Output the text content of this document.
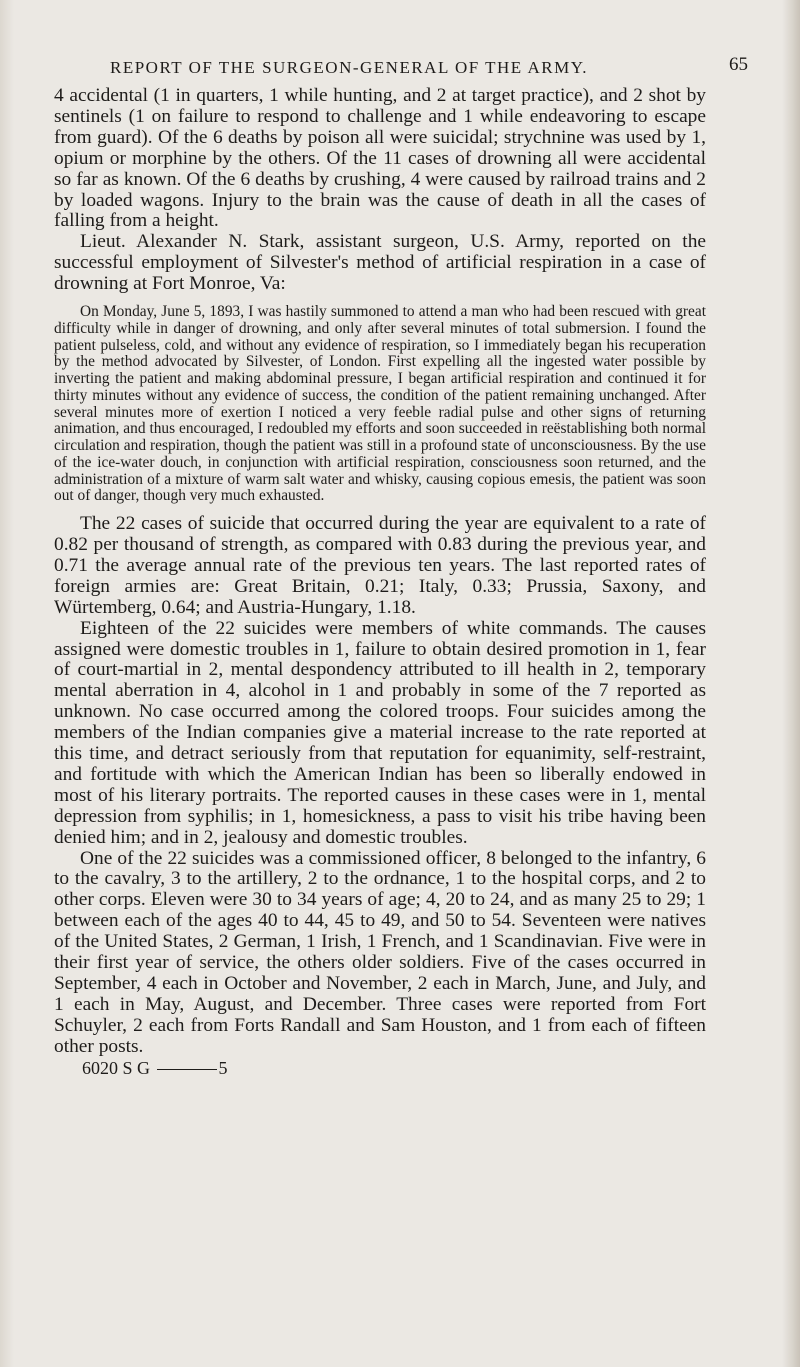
REPORT OF THE SURGEON-GENERAL OF THE ARMY.	65

4 accidental (1 in quarters, 1 while hunting, and 2 at target practice), and 2 shot by sentinels (1 on failure to respond to challenge and 1 while endeavoring to escape from guard). Of the 6 deaths by poison all were suicidal; strychnine was used by 1, opium or morphine by the others. Of the 11 cases of drowning all were accidental so far as known. Of the 6 deaths by crushing, 4 were caused by railroad trains and 2 by loaded wagons. Injury to the brain was the cause of death in all the cases of falling from a height.

Lieut. Alexander N. Stark, assistant surgeon, U.S. Army, reported on the successful employment of Silvester's method of artificial respiration in a case of drowning at Fort Monroe, Va:

On Monday, June 5, 1893, I was hastily summoned to attend a man who had been rescued with great difficulty while in danger of drowning, and only after several minutes of total submersion. I found the patient pulseless, cold, and without any evidence of respiration, so I immediately began his recuperation by the method advocated by Silvester, of London. First expelling all the ingested water possible by inverting the patient and making abdominal pressure, I began artificial respiration and continued it for thirty minutes without any evidence of success, the condition of the patient remaining unchanged. After several minutes more of exertion I noticed a very feeble radial pulse and other signs of returning animation, and thus encouraged, I redoubled my efforts and soon succeeded in reëstablishing both normal circulation and respiration, though the patient was still in a profound state of unconsciousness. By the use of the ice-water douch, in conjunction with artificial respiration, consciousness soon returned, and the administration of a mixture of warm salt water and whisky, causing copious emesis, the patient was soon out of danger, though very much exhausted.

The 22 cases of suicide that occurred during the year are equivalent to a rate of 0.82 per thousand of strength, as compared with 0.83 during the previous year, and 0.71 the average annual rate of the previous ten years. The last reported rates of foreign armies are: Great Britain, 0.21; Italy, 0.33; Prussia, Saxony, and Würtemberg, 0.64; and Austria-Hungary, 1.18.

Eighteen of the 22 suicides were members of white commands. The causes assigned were domestic troubles in 1, failure to obtain desired promotion in 1, fear of court-martial in 2, mental despondency attributed to ill health in 2, temporary mental aberration in 4, alcohol in 1 and probably in some of the 7 reported as unknown. No case occurred among the colored troops. Four suicides among the members of the Indian companies give a material increase to the rate reported at this time, and detract seriously from that reputation for equanimity, self-restraint, and fortitude with which the American Indian has been so liberally endowed in most of his literary portraits. The reported causes in these cases were in 1, mental depression from syphilis; in 1, homesickness, a pass to visit his tribe having been denied him; and in 2, jealousy and domestic troubles.

One of the 22 suicides was a commissioned officer, 8 belonged to the infantry, 6 to the cavalry, 3 to the artillery, 2 to the ordnance, 1 to the hospital corps, and 2 to other corps. Eleven were 30 to 34 years of age; 4, 20 to 24, and as many 25 to 29; 1 between each of the ages 40 to 44, 45 to 49, and 50 to 54. Seventeen were natives of the United States, 2 German, 1 Irish, 1 French, and 1 Scandinavian. Five were in their first year of service, the others older soldiers. Five of the cases occurred in September, 4 each in October and November, 2 each in March, June, and July, and 1 each in May, August, and December. Three cases were reported from Fort Schuyler, 2 each from Forts Randall and Sam Houston, and 1 from each of fifteen other posts.

6020 S G	5
